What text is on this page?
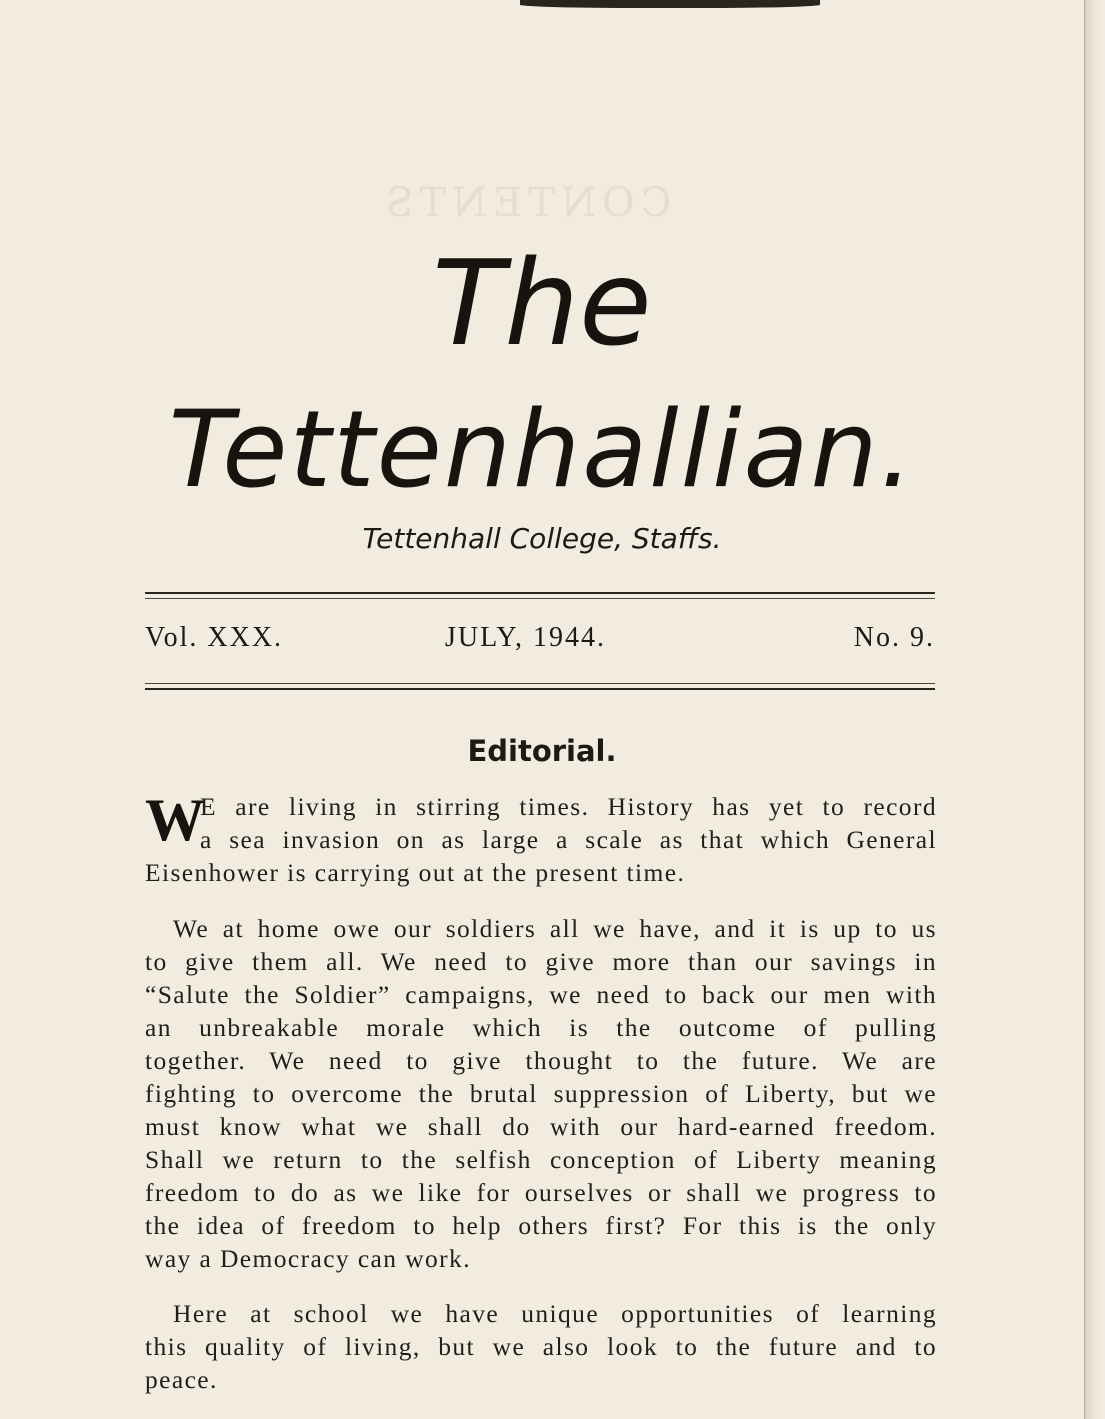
CONTENTS
The
Tettenhallian.
Tettenhall College, Staffs.
Vol. XXX.	JULY, 1944.	No. 9.
Editorial.
W
E are living in stirring times. History has yet to record
a sea invasion on as large a scale as that which General
Eisenhower is carrying out at the present time.
We at home owe our soldiers all we have, and it is up to us
to give them all. We need to give more than our savings in
“Salute the Soldier” campaigns, we need to back our men with
an unbreakable morale which is the outcome of pulling
together. We need to give thought to the future. We are
fighting to overcome the brutal suppression of Liberty, but we
must know what we shall do with our hard-earned freedom.
Shall we return to the selfish conception of Liberty meaning
freedom to do as we like for ourselves or shall we progress to
the idea of freedom to help others first? For this is the only
way a Democracy can work.
Here at school we have unique opportunities of learning
this quality of living, but we also look to the future and to
peace.
